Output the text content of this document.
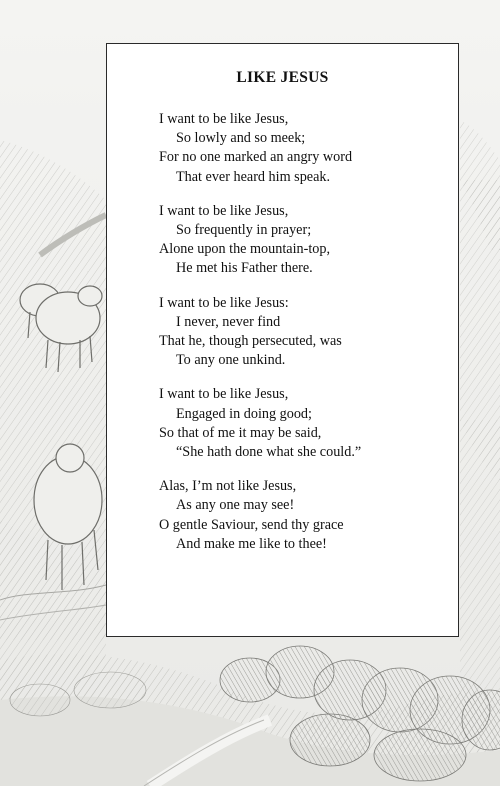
LIKE JESUS
I want to be like Jesus,
So lowly and so meek;
For no one marked an angry word
That ever heard him speak.
I want to be like Jesus,
So frequently in prayer;
Alone upon the mountain-top,
He met his Father there.
I want to be like Jesus:
I never, never find
That he, though persecuted, was
To any one unkind.
I want to be like Jesus,
Engaged in doing good;
So that of me it may be said,
“She hath done what she could.”
Alas, I’m not like Jesus,
As any one may see!
O gentle Saviour, send thy grace
And make me like to thee!
